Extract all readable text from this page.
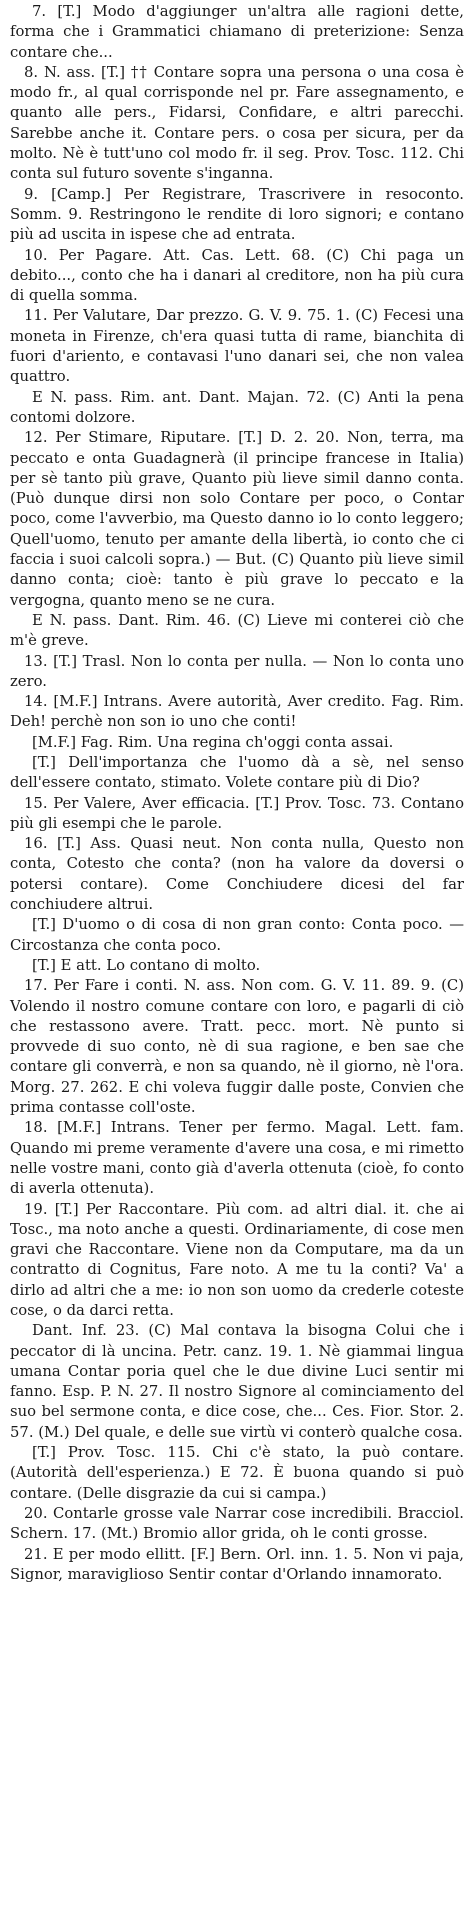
7. [T.] Modo d'aggiunger un'altra alle ragioni dette, forma che i Grammatici chiamano di preterizione: Senza contare che...

8. N. ass. [T.] †† Contare sopra una persona o una cosa è modo fr., al qual corrisponde nel pr. Fare assegnamento, e quanto alle pers., Fidarsi, Confidare, e altri parecchi. Sarebbe anche it. Contare pers. o cosa per sicura, per da molto. Nè è tutt'uno col modo fr. il seg. Prov. Tosc. 112. Chi conta sul futuro sovente s'inganna.

9. [Camp.] Per Registrare, Trascrivere in resoconto. Somm. 9. Restringono le rendite di loro signori; e contano più ad uscita in ispese che ad entrata.

10. Per Pagare. Att. Cas. Lett. 68. (C) Chi paga un debito..., conto che ha i danari al creditore, non ha più cura di quella somma.

11. Per Valutare, Dar prezzo. G. V. 9. 75. 1. (C) Fecesi una moneta in Firenze, ch'era quasi tutta di rame, bianchita di fuori d'ariento, e contavasi l'uno danari sei, che non valea quattro.

E N. pass. Rim. ant. Dant. Majan. 72. (C) Anti la pena contomi dolzore.

12. Per Stimare, Riputare. [T.] D. 2. 20. Non, terra, ma peccato e onta Guadagnerà (il principe francese in Italia) per sè tanto più grave, Quanto più lieve simil danno conta. (Può dunque dirsi non solo Contare per poco, o Contar poco, come l'avverbio, ma Questo danno io lo conto leggero; Quell'uomo, tenuto per amante della libertà, io conto che ci faccia i suoi calcoli sopra.) — But. (C) Quanto più lieve simil danno conta; cioè: tanto è più grave lo peccato e la vergogna, quanto meno se ne cura.

E N. pass. Dant. Rim. 46. (C) Lieve mi conterei ciò che m'è greve.

13. [T.] Trasl. Non lo conta per nulla. — Non lo conta uno zero.

14. [M.F.] Intrans. Avere autorità, Aver credito. Fag. Rim. Deh! perchè non son io uno che conti!

[M.F.] Fag. Rim. Una regina ch'oggi conta assai.

[T.] Dell'importanza che l'uomo dà a sè, nel senso dell'essere contato, stimato. Volete contare più di Dio?

15. Per Valere, Aver efficacia. [T.] Prov. Tosc. 73. Contano più gli esempi che le parole.

16. [T.] Ass. Quasi neut. Non conta nulla, Questo non conta, Cotesto che conta? (non ha valore da doversi o potersi contare). Come Conchiudere dicesi del far conchiudere altrui.

[T.] D'uomo o di cosa di non gran conto: Conta poco. — Circostanza che conta poco.

[T.] E att. Lo contano di molto.

17. Per Fare i conti. N. ass. Non com. G. V. 11. 89. 9. (C) Volendo il nostro comune contare con loro, e pagarli di ciò che restassono avere. Tratt. pecc. mort. Nè punto si provvede di suo conto, nè di sua ragione, e ben sae che contare gli converrà, e non sa quando, nè il giorno, nè l'ora. Morg. 27. 262. E chi voleva fuggir dalle poste, Convien che prima contasse coll'oste.

18. [M.F.] Intrans. Tener per fermo. Magal. Lett. fam. Quando mi preme veramente d'avere una cosa, e mi rimetto nelle vostre mani, conto già d'averla ottenuta (cioè, fo conto di averla ottenuta).

19. [T.] Per Raccontare. Più com. ad altri dial. it. che ai Tosc., ma noto anche a questi. Ordinariamente, di cose men gravi che Raccontare. Viene non da Computare, ma da un contratto di Cognitus, Fare noto. A me tu la conti? Va' a dirlo ad altri che a me: io non son uomo da crederle coteste cose, o da darci retta.

Dant. Inf. 23. (C) Mal contava la bisogna Colui che i peccator di là uncina. Petr. canz. 19. 1. Nè giammai lingua umana Contar poria quel che le due divine Luci sentir mi fanno. Esp. P. N. 27. Il nostro Signore al cominciamento del suo bel sermone conta, e dice cose, che... Ces. Fior. Stor. 2. 57. (M.) Del quale, e delle sue virtù vi conterò qualche cosa.

[T.] Prov. Tosc. 115. Chi c'è stato, la può contare. (Autorità dell'esperienza.) E 72. È buona quando si può contare. (Delle disgrazie da cui si campa.)

20. Contarle grosse vale Narrar cose incredibili. Bracciol. Schern. 17. (Mt.) Bromio allor grida, oh le conti grosse.

21. E per modo ellitt. [F.] Bern. Orl. inn. 1. 5. Non vi paja, Signor, maraviglioso Sentir contar d'Orlando innamorato.
